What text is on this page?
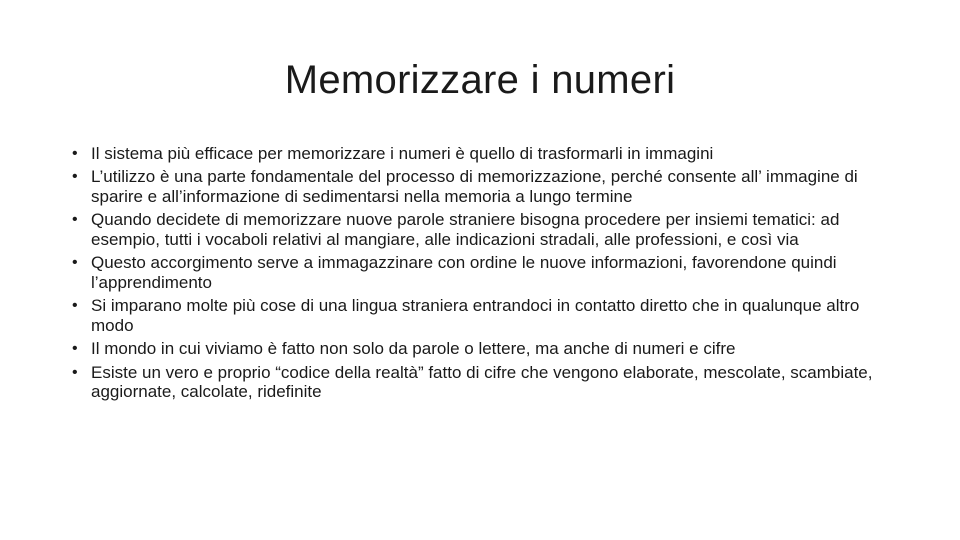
Memorizzare i numeri
• Il sistema più efficace per memorizzare i numeri è quello di trasformarli in immagini
• L’utilizzo è una parte fondamentale del processo di memorizzazione, perché consente all’ immagine di sparire e all’informazione di sedimentarsi nella memoria a lungo termine
• Quando decidete di memorizzare nuove parole straniere bisogna procedere per insiemi tematici: ad esempio, tutti i vocaboli relativi al mangiare, alle indicazioni stradali, alle professioni, e così via
• Questo accorgimento serve a immagazzinare con ordine le nuove informazioni, favorendone quindi l’apprendimento
• Si imparano molte più cose di una lingua straniera entrandoci in contatto diretto che in qualunque altro modo
• Il mondo in cui viviamo è fatto non solo da parole o lettere, ma anche di numeri e cifre
• Esiste un vero e proprio “codice della realtà” fatto di cifre che vengono elaborate, mescolate, scambiate, aggiornate, calcolate, ridefinite
